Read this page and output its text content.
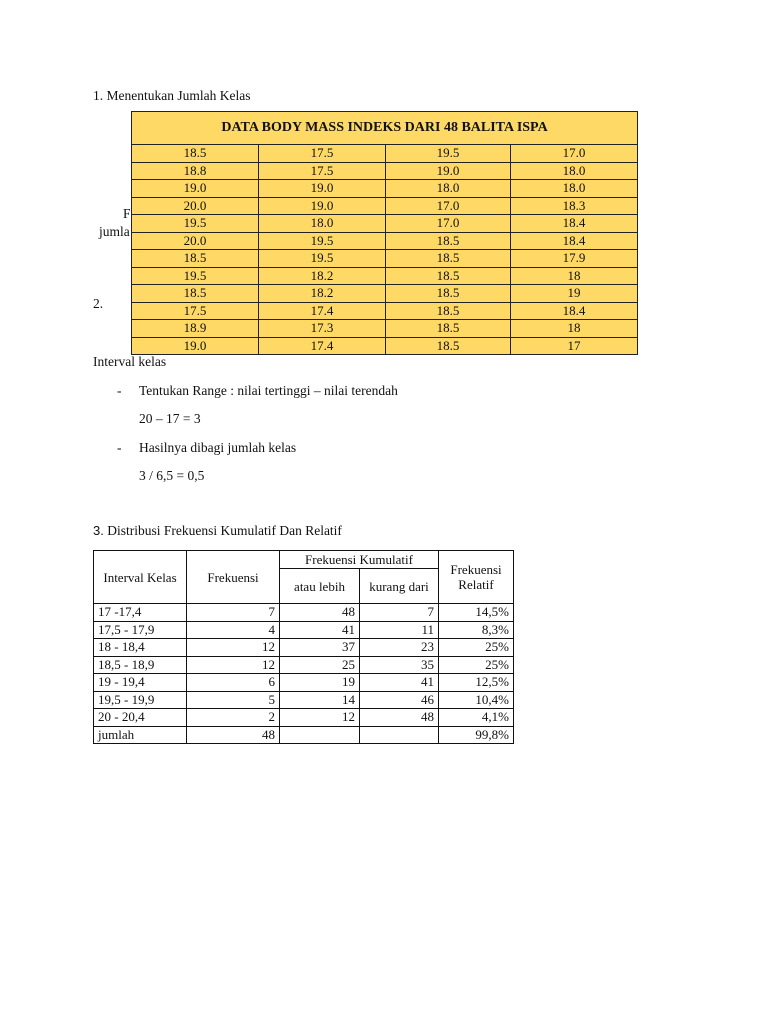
1. Menentukan Jumlah Kelas
F
jumla
2.
DATA BODY MASS INDEKS DARI 48 BALITA ISPA			
18.5	17.5	19.5	17.0
18.8	17.5	19.0	18.0
19.0	19.0	18.0	18.0
20.0	19.0	17.0	18.3
19.5	18.0	17.0	18.4
20.0	19.5	18.5	18.4
18.5	19.5	18.5	17.9
19.5	18.2	18.5	18
18.5	18.2	18.5	19
17.5	17.4	18.5	18.4
18.9	17.3	18.5	18
19.0	17.4	18.5	17
Interval kelas
- Tentukan Range : nilai tertinggi – nilai terendah
20 – 17 = 3
- Hasilnya dibagi jumlah kelas
3 / 6,5 = 0,5
3. Distribusi Frekuensi Kumulatif Dan Relatif
Interval Kelas	Frekuensi	Frekuensi Kumulatif		Frekuensi Relatif
		atau lebih	kurang dari	
17 -17,4	7	48	7	14,5%
17,5 - 17,9	4	41	11	8,3%
18 - 18,4	12	37	23	25%
18,5 - 18,9	12	25	35	25%
19 - 19,4	6	19	41	12,5%
19,5 - 19,9	5	14	46	10,4%
20 - 20,4	2	12	48	4,1%
jumlah	48			99,8%
